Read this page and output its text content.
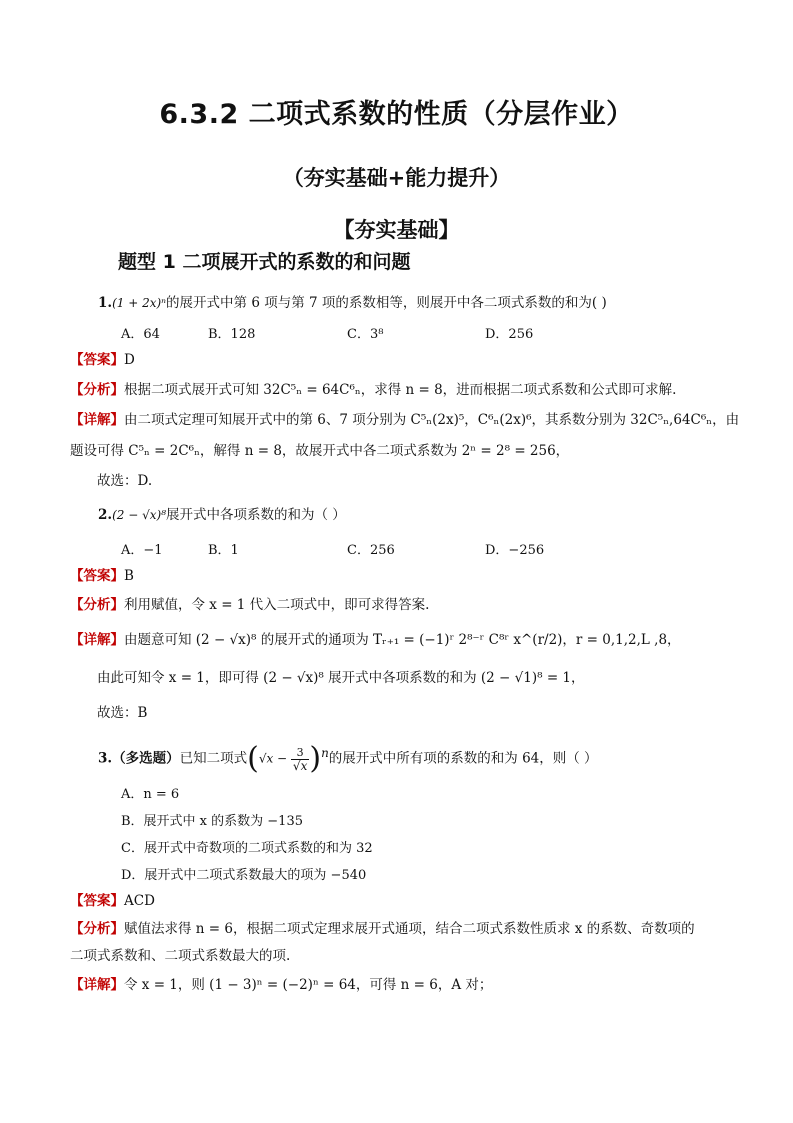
6.3.2 二项式系数的性质（分层作业）
（夯实基础+能力提升）
【夯实基础】
题型 1 二项展开式的系数的和问题
1.(1 + 2x)ⁿ的展开式中第 6 项与第 7 项的系数相等，则展开中各二项式系数的和为( )
A．64	B．128	C．3⁸	D．256
【答案】D
【分析】根据二项式展开式可知 32C⁵ₙ = 64C⁶ₙ，求得 n = 8，进而根据二项式系数和公式即可求解.
【详解】由二项式定理可知展开式中的第 6、7 项分别为 C⁵ₙ(2x)⁵，C⁶ₙ(2x)⁶，其系数分别为 32C⁵ₙ,64C⁶ₙ，由
题设可得 C⁵ₙ = 2C⁶ₙ，解得 n = 8，故展开式中各二项式系数为 2ⁿ = 2⁸ = 256，
故选：D.
2.(2 − √x)⁸展开式中各项系数的和为（ ）
A．−1	B．1	C．256	D．−256
【答案】B
【分析】利用赋值，令 x = 1 代入二项式中，即可求得答案.
【详解】由题意可知 (2 − √x)⁸ 的展开式的通项为 Tᵣ₊₁ = (−1)ʳ 2⁸⁻ʳ C⁸ʳ x^(r/2)，r = 0,1,2,L ,8，
由此可知令 x = 1，即可得 (2 − √x)⁸ 展开式中各项系数的和为 (2 − √1)⁸ = 1，
故选：B
3.（多选题）已知二项式$(√x - \frac{3}{√x} )^n$的展开式中所有项的系数的和为 64，则（ ）
A．n = 6
B．展开式中 x 的系数为 −135
C．展开式中奇数项的二项式系数的和为 32
D．展开式中二项式系数最大的项为 −540
【答案】ACD
【分析】赋值法求得 n = 6，根据二项式定理求展开式通项，结合二项式系数性质求 x 的系数、奇数项的
二项式系数和、二项式系数最大的项.
【详解】令 x = 1，则 (1 − 3)ⁿ = (−2)ⁿ = 64，可得 n = 6，A 对；
